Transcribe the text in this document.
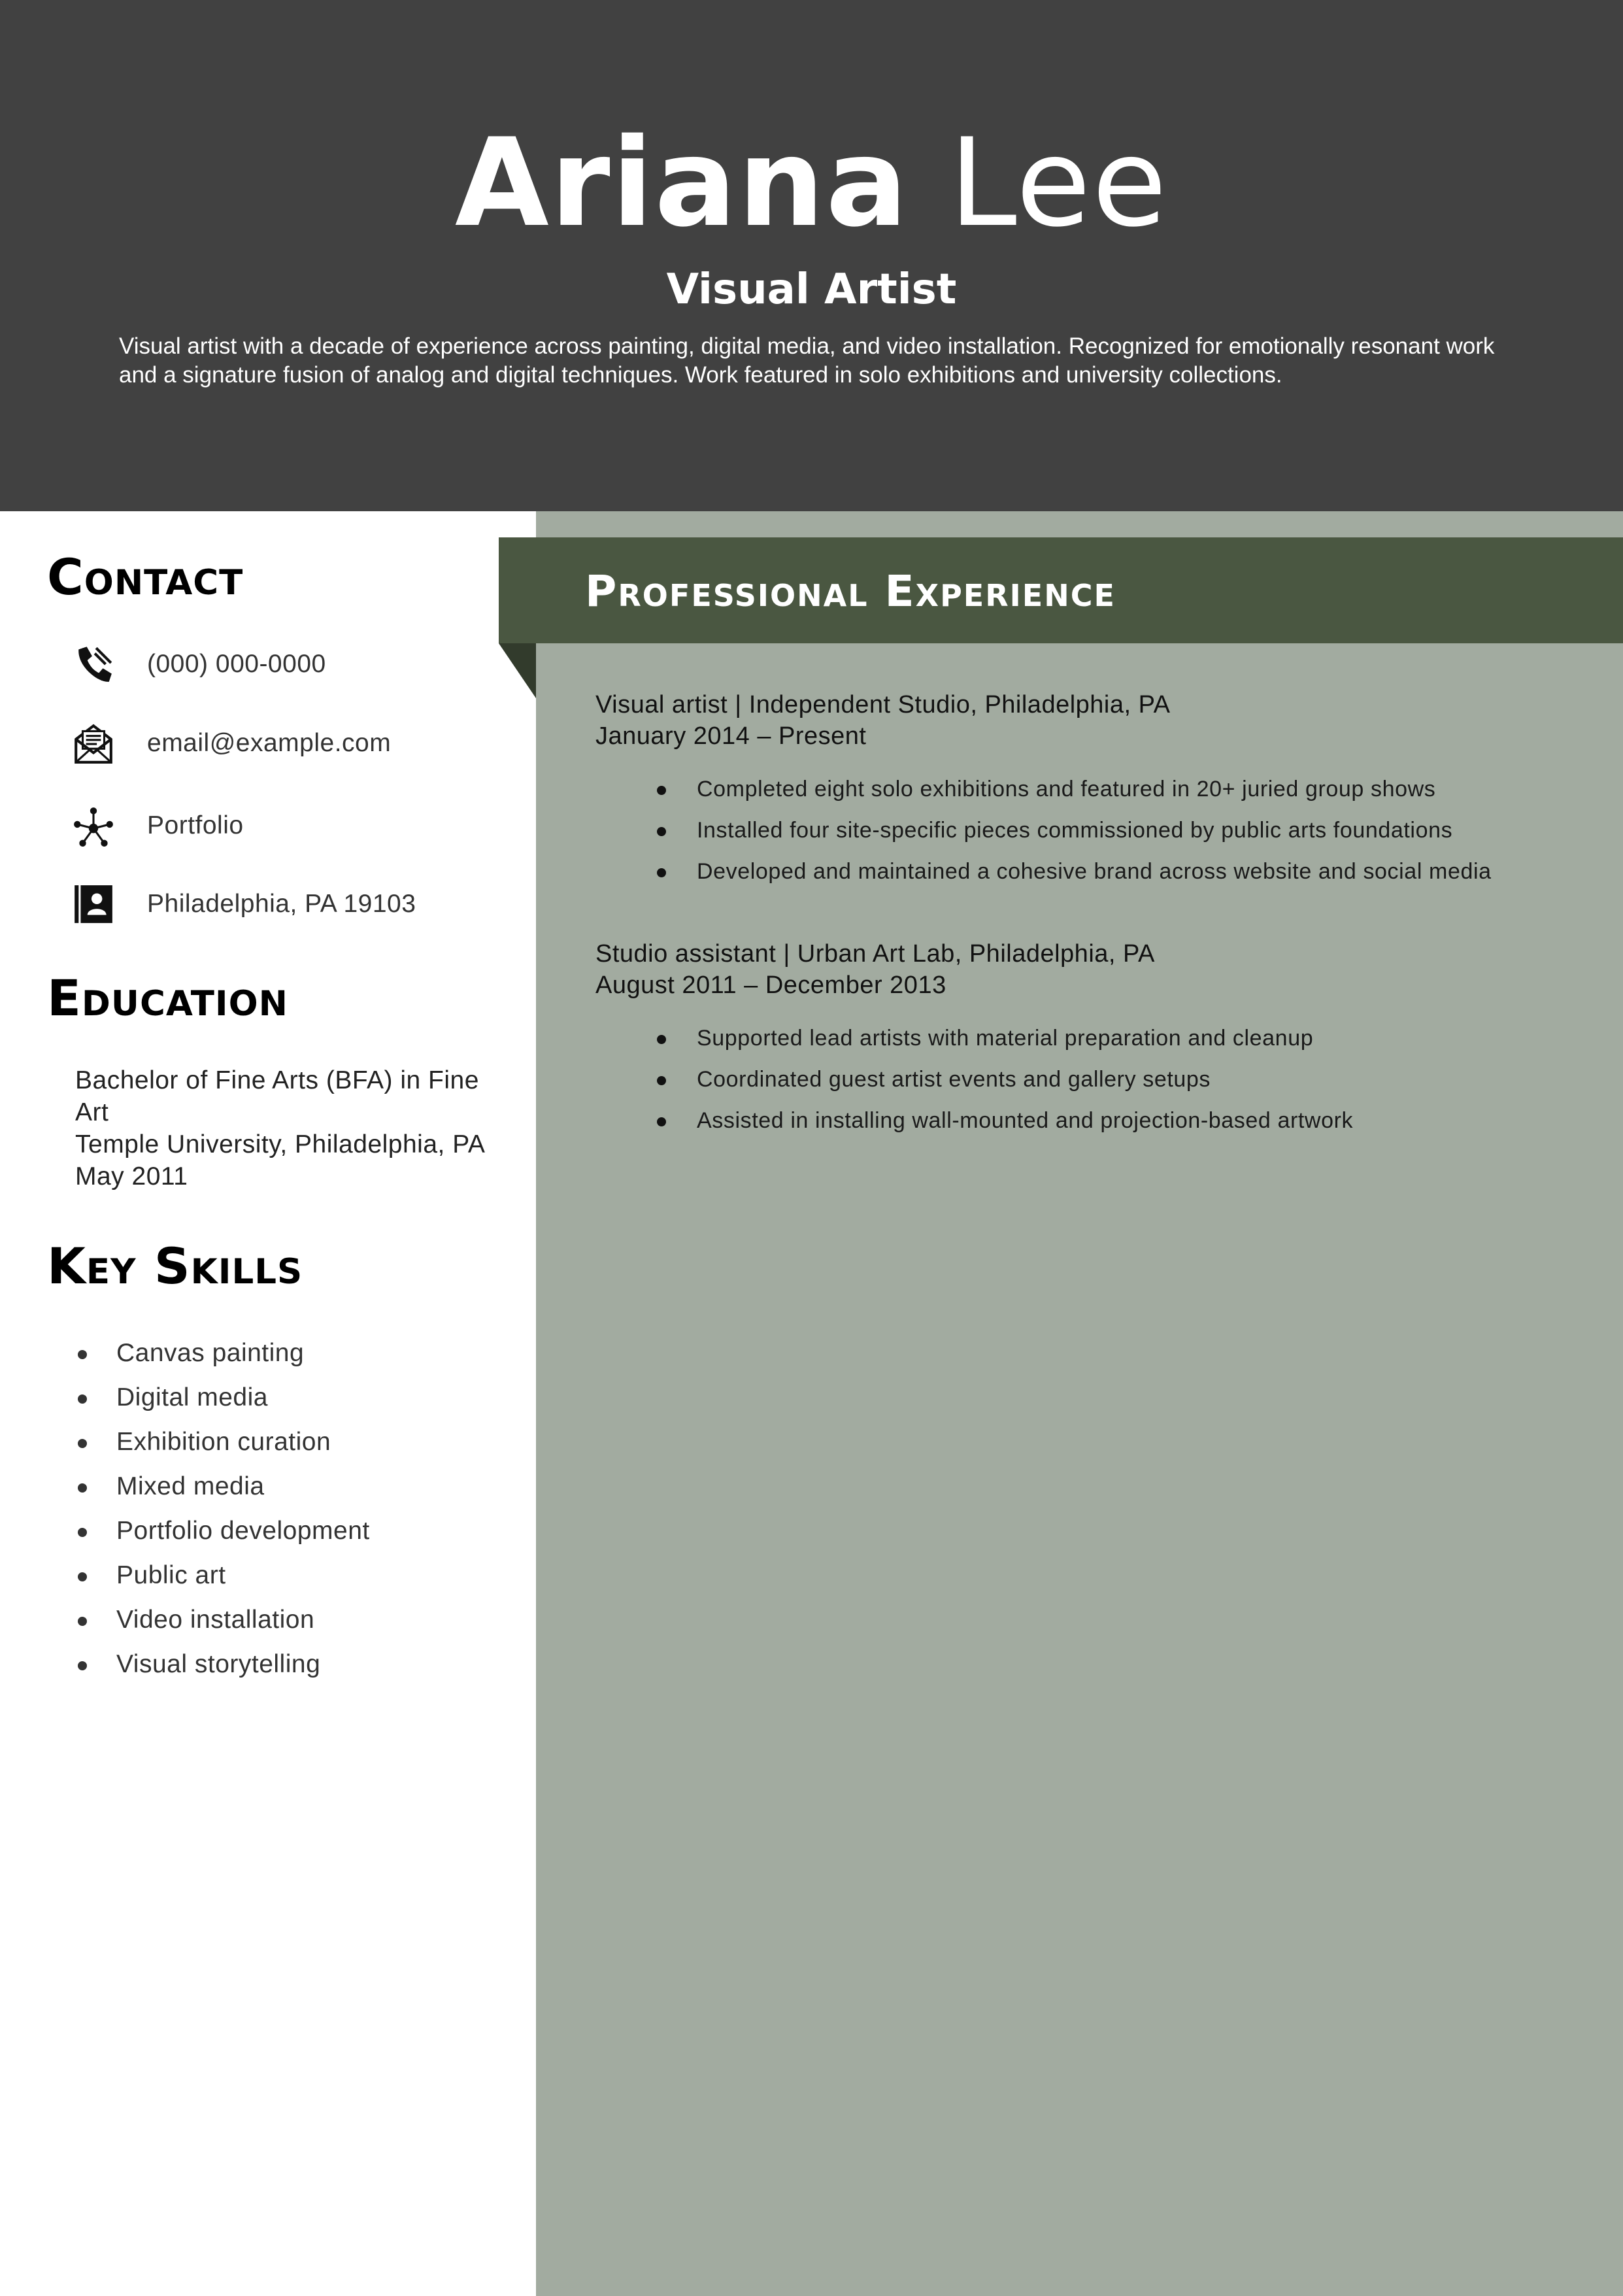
Ariana Lee
Visual Artist
Visual artist with a decade of experience across painting, digital media, and video installation. Recognized for emotionally resonant work
and a signature fusion of analog and digital techniques. Work featured in solo exhibitions and university collections.
Professional Experience
Contact
(000) 000-0000
email@example.com
Portfolio
Philadelphia, PA 19103
Education
Bachelor of Fine Arts (BFA) in Fine
Art
Temple University, Philadelphia, PA
May 2011
Key Skills
Canvas painting
Digital media
Exhibition curation
Mixed media
Portfolio development
Public art
Video installation
Visual storytelling
Visual artist | Independent Studio, Philadelphia, PA
January 2014 – Present
Completed eight solo exhibitions and featured in 20+ juried group shows
Installed four site-specific pieces commissioned by public arts foundations
Developed and maintained a cohesive brand across website and social media
Studio assistant | Urban Art Lab, Philadelphia, PA
August 2011 – December 2013
Supported lead artists with material preparation and cleanup
Coordinated guest artist events and gallery setups
Assisted in installing wall-mounted and projection-based artwork
